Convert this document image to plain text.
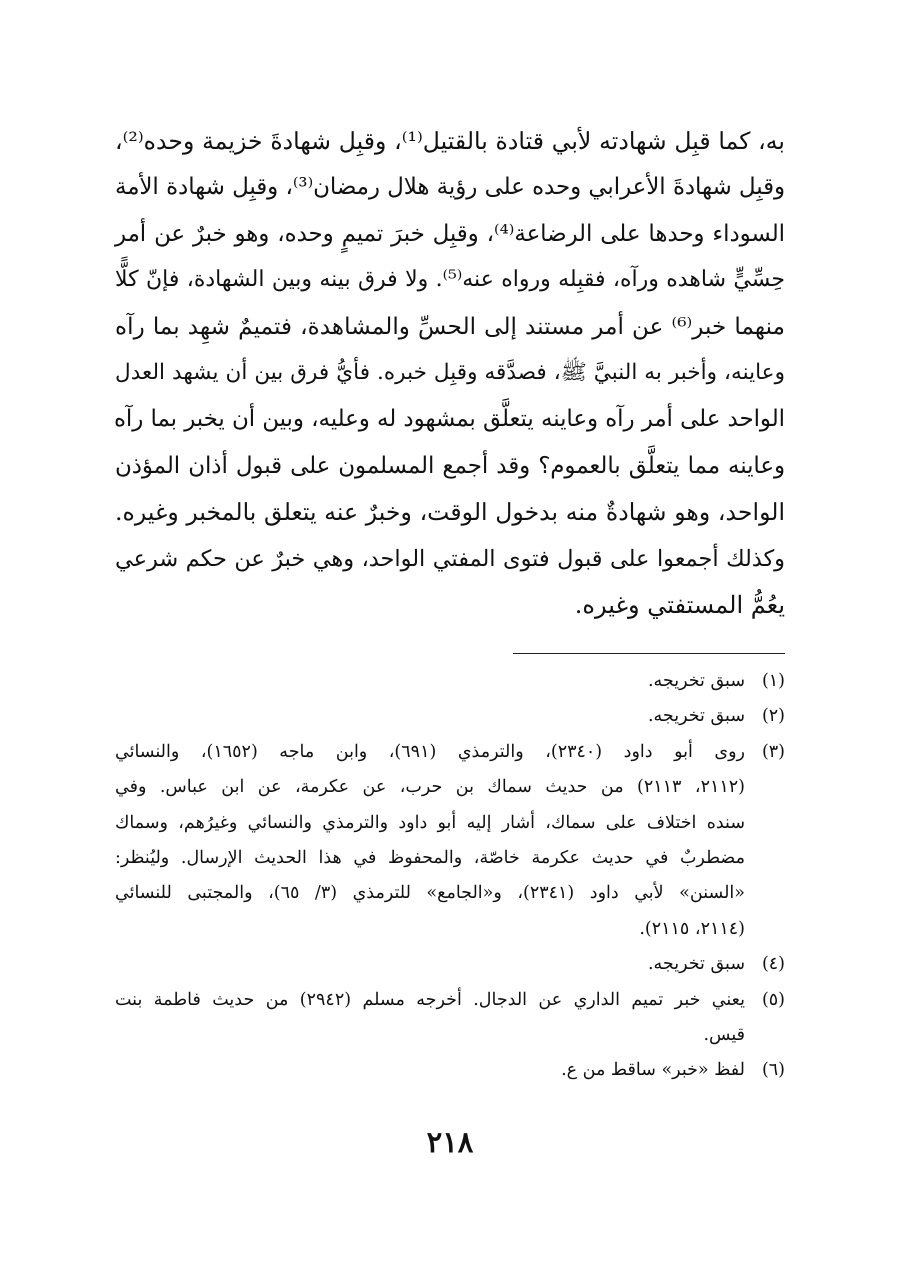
به، كما قبِل شهادته لأبي قتادة بالقتيل⁽¹⁾، وقبِل شهادةَ خزيمة وحده⁽²⁾،
وقبِل شهادةَ الأعرابي وحده على رؤية هلال رمضان⁽³⁾، وقبِل شهادة الأمة
السوداء وحدها على الرضاعة⁽⁴⁾، وقبِل خبرَ تميمٍ وحده، وهو خبرٌ عن أمر
حِسِّيٍّ شاهده ورآه، فقبِله ورواه عنه⁽⁵⁾. ولا فرق بينه وبين الشهادة، فإنّ كلًّا
منهما خبر⁽⁶⁾ عن أمر مستند إلى الحسِّ والمشاهدة، فتميمٌ شهِد بما رآه
وعاينه، وأخبر به النبيَّ ﷺ، فصدَّقه وقبِل خبره. فأيُّ فرق بين أن يشهد العدل
الواحد على أمر رآه وعاينه يتعلَّق بمشهود له وعليه، وبين أن يخبر بما رآه
وعاينه مما يتعلَّق بالعموم؟ وقد أجمع المسلمون على قبول أذان المؤذن
الواحد، وهو شهادةٌ منه بدخول الوقت، وخبرٌ عنه يتعلق بالمخبر وغيره.
وكذلك أجمعوا على قبول فتوى المفتي الواحد، وهي خبرٌ عن حكم شرعي
يعُمُّ المستفتي وغيره.
(١)
سبق تخريجه.
(٢)
سبق تخريجه.
(٣)
روى أبو داود (٢٣٤٠)، والترمذي (٦٩١)، وابن ماجه (١٦٥٢)، والنسائي
(٢١١٢، ٢١١٣) من حديث سماك بن حرب، عن عكرمة، عن ابن عباس. وفي
سنده اختلاف على سماك، أشار إليه أبو داود والترمذي والنسائي وغيرُهم، وسماك
مضطربٌ في حديث عكرمة خاصّة، والمحفوظ في هذا الحديث الإرسال. وليُنظر:
«السنن» لأبي داود (٢٣٤١)، و«الجامع» للترمذي (٣/ ٦٥)، والمجتبى للنسائي
(٢١١٤، ٢١١٥).
(٤)
سبق تخريجه.
(٥)
يعني خبر تميم الداري عن الدجال. أخرجه مسلم (٢٩٤٢) من حديث فاطمة بنت
قيس.
(٦)
لفظ «خبر» ساقط من ع.
٢١٨
